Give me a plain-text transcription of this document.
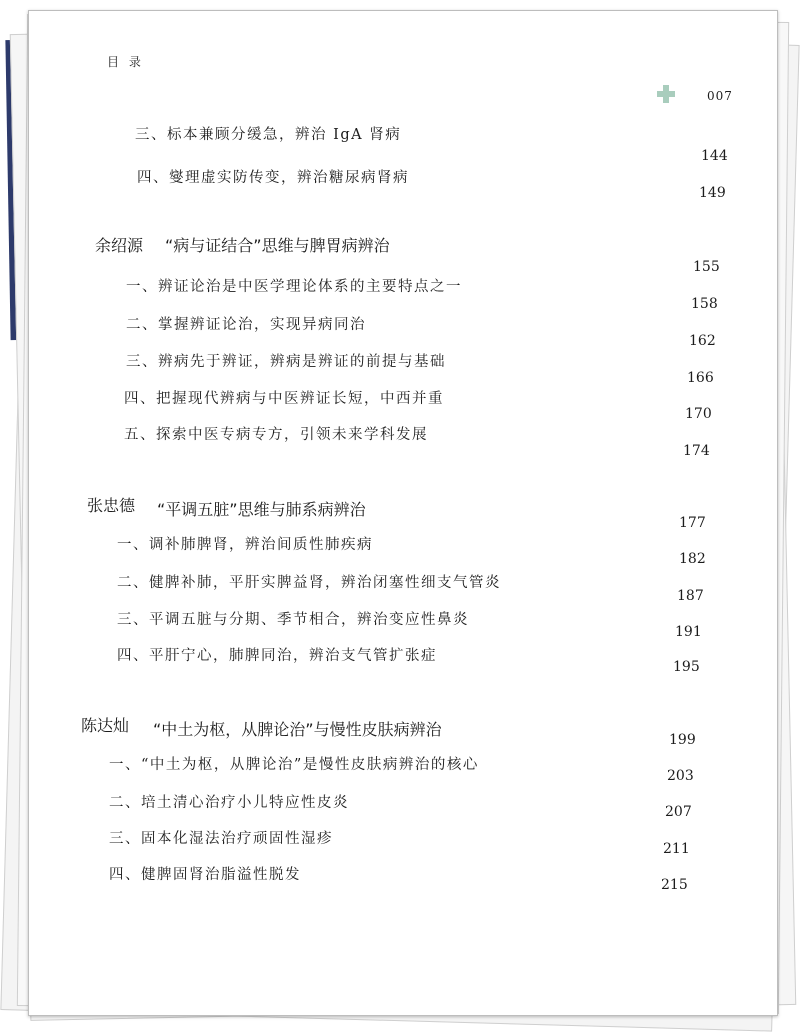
目 录
007
三、标本兼顾分缓急，辨治 IgA 肾病
144
四、燮理虚实防传变，辨治糖尿病肾病
149
余绍源 “病与证结合”思维与脾胃病辨治
155
一、辨证论治是中医学理论体系的主要特点之一
158
二、掌握辨证论治，实现异病同治
162
三、辨病先于辨证，辨病是辨证的前提与基础
166
四、把握现代辨病与中医辨证长短，中西并重
170
五、探索中医专病专方，引领未来学科发展
174
张忠德 “平调五脏”思维与肺系病辨治
177
一、调补肺脾肾，辨治间质性肺疾病
182
二、健脾补肺，平肝实脾益肾，辨治闭塞性细支气管炎
187
三、平调五脏与分期、季节相合，辨治变应性鼻炎
191
四、平肝宁心，肺脾同治，辨治支气管扩张症
195
陈达灿 “中土为枢，从脾论治”与慢性皮肤病辨治
199
一、“中土为枢，从脾论治”是慢性皮肤病辨治的核心
203
二、培土清心治疗小儿特应性皮炎
207
三、固本化湿法治疗顽固性湿疹
211
四、健脾固肾治脂溢性脱发
215
